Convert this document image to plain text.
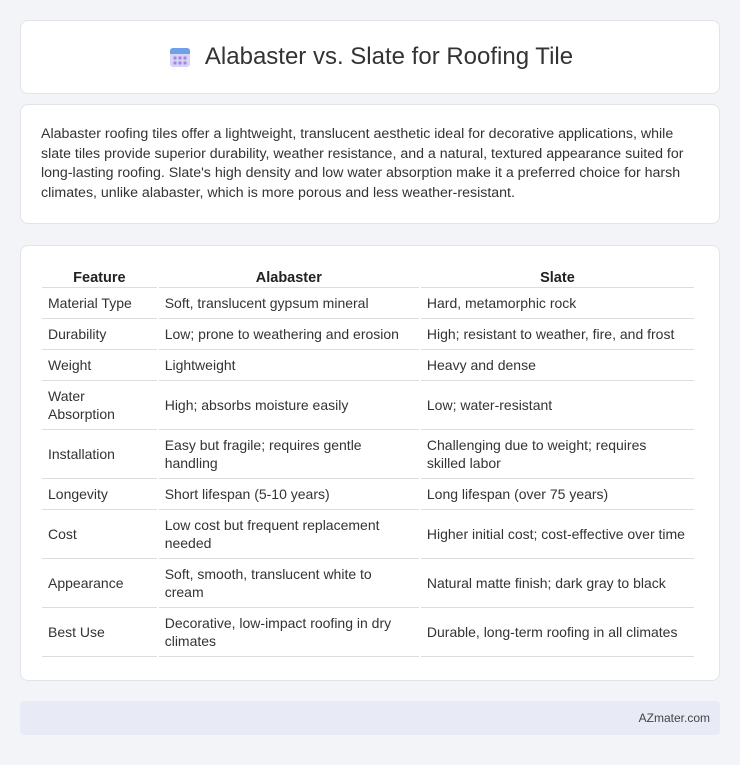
Alabaster vs. Slate for Roofing Tile

Alabaster roofing tiles offer a lightweight, translucent aesthetic ideal for decorative applications, while slate tiles provide superior durability, weather resistance, and a natural, textured appearance suited for long-lasting roofing. Slate's high density and low water absorption make it a preferred choice for harsh climates, unlike alabaster, which is more porous and less weather-resistant.

Feature	Alabaster	Slate
Material Type	Soft, translucent gypsum mineral	Hard, metamorphic rock
Durability	Low; prone to weathering and erosion	High; resistant to weather, fire, and frost
Weight	Lightweight	Heavy and dense
Water Absorption	High; absorbs moisture easily	Low; water-resistant
Installation	Easy but fragile; requires gentle handling	Challenging due to weight; requires skilled labor
Longevity	Short lifespan (5-10 years)	Long lifespan (over 75 years)
Cost	Low cost but frequent replacement needed	Higher initial cost; cost-effective over time
Appearance	Soft, smooth, translucent white to cream	Natural matte finish; dark gray to black
Best Use	Decorative, low-impact roofing in dry climates	Durable, long-term roofing in all climates
AZmater.com
